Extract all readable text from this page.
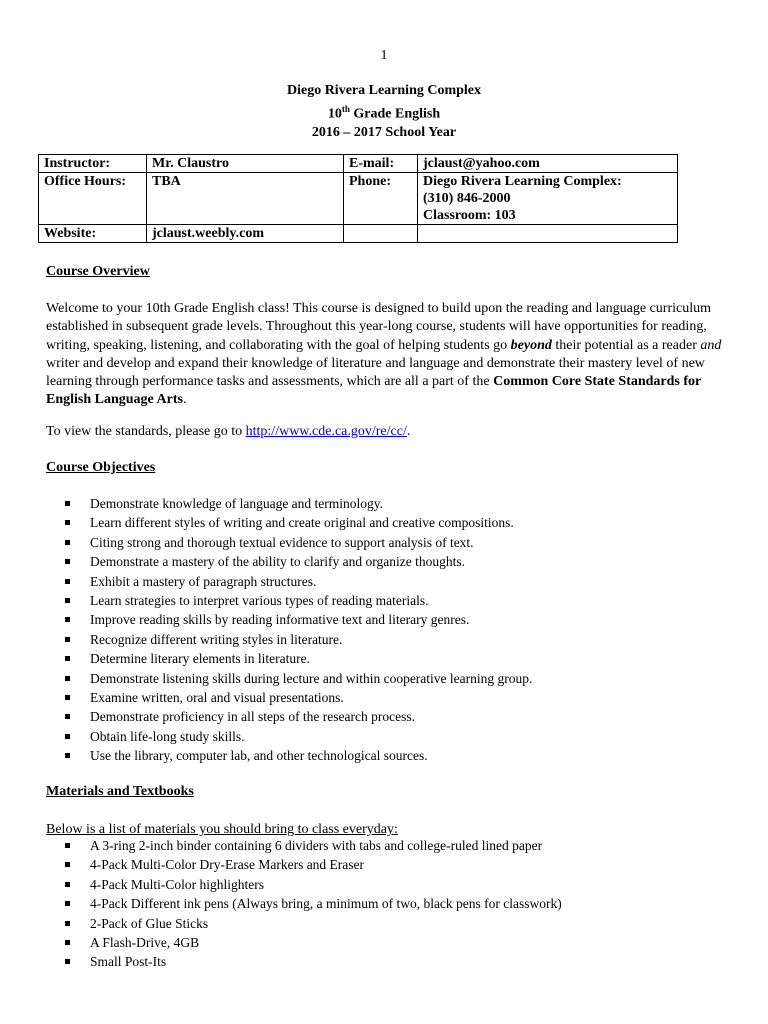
1
Diego Rivera Learning Complex
10th Grade English
2016 – 2017 School Year
Instructor:	Mr. Claustro	E-mail:	jclaust@yahoo.com
Office Hours:	TBA	Phone:	Diego Rivera Learning Complex:
(310) 846-2000
Classroom: 103

Website:	jclaust.weebly.com		
Course Overview
Welcome to your 10th Grade English class! This course is designed to build upon the reading and language curriculum established in subsequent grade levels. Throughout this year-long course, students will have opportunities for reading, writing, speaking, listening, and collaborating with the goal of helping students go beyond their potential as a reader and writer and develop and expand their knowledge of literature and language and demonstrate their mastery level of new learning through performance tasks and assessments, which are all a part of the Common Core State Standards for English Language Arts.
To view the standards, please go to http://www.cde.ca.gov/re/cc/.
Course Objectives
Demonstrate knowledge of language and terminology.
Learn different styles of writing and create original and creative compositions.
Citing strong and thorough textual evidence to support analysis of text.
Demonstrate a mastery of the ability to clarify and organize thoughts.
Exhibit a mastery of paragraph structures.
Learn strategies to interpret various types of reading materials.
Improve reading skills by reading informative text and literary genres.
Recognize different writing styles in literature.
Determine literary elements in literature.
Demonstrate listening skills during lecture and within cooperative learning group.
Examine written, oral and visual presentations.
Demonstrate proficiency in all steps of the research process.
Obtain life-long study skills.
Use the library, computer lab, and other technological sources.
Materials and Textbooks
Below is a list of materials you should bring to class everyday:
A 3-ring 2-inch binder containing 6 dividers with tabs and college-ruled lined paper
4-Pack Multi-Color Dry-Erase Markers and Eraser
4-Pack Multi-Color highlighters
4-Pack Different ink pens (Always bring, a minimum of two, black pens for classwork)
2-Pack of Glue Sticks
A Flash-Drive, 4GB
Small Post-Its
